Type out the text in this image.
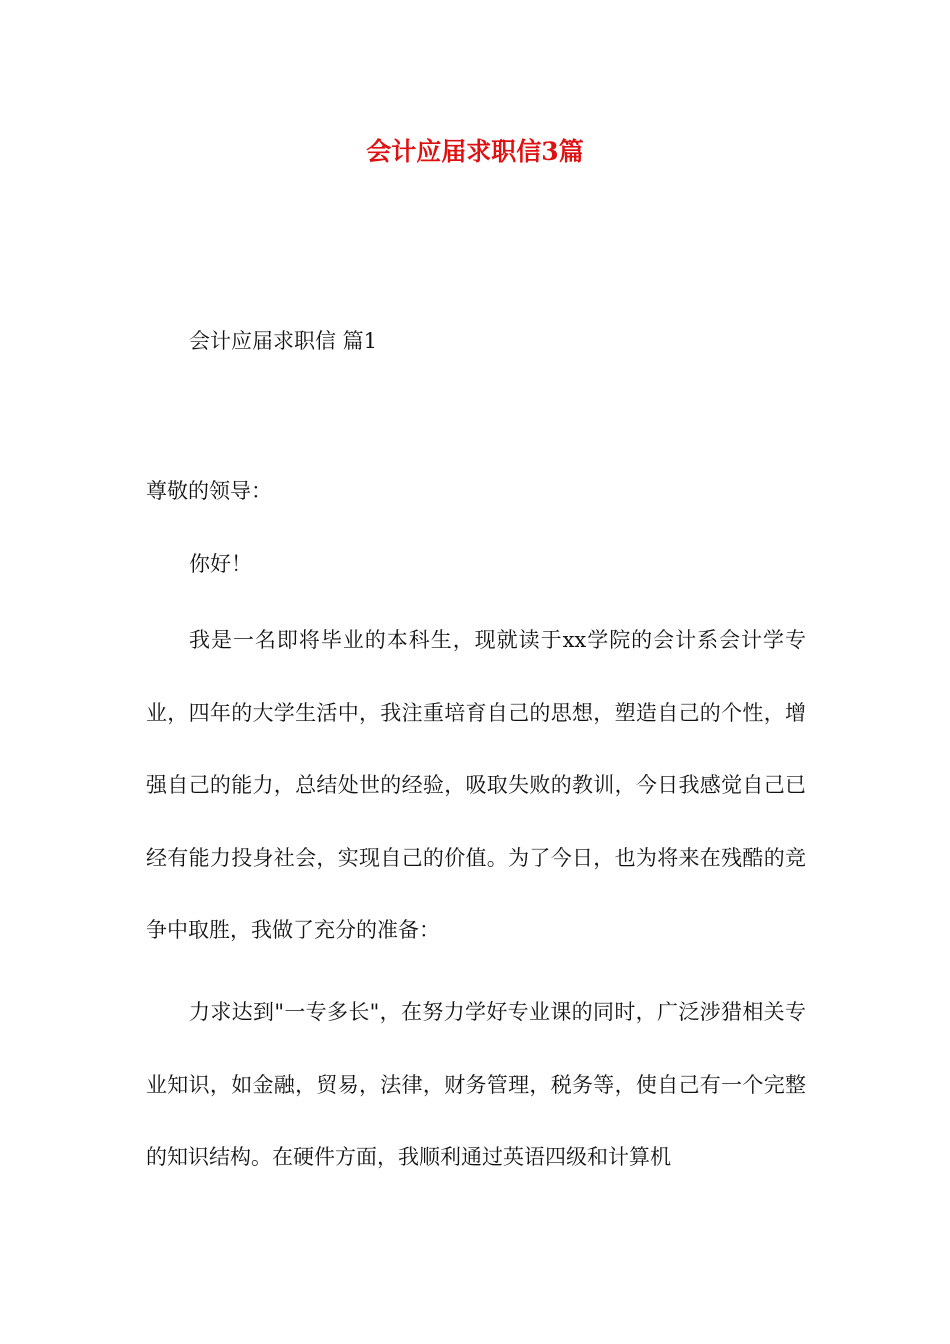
会计应届求职信3篇

会计应届求职信 篇1

尊敬的领导：

你好！

我是一名即将毕业的本科生，现就读于xx学院的会计系会计学专业，四年的大学生活中，我注重培育自己的思想，塑造自己的个性，增强自己的能力，总结处世的经验，吸取失败的教训，今日我感觉自己已经有能力投身社会，实现自己的价值。为了今日，也为将来在残酷的竞争中取胜，我做了充分的准备：

力求达到"一专多长"，在努力学好专业课的同时，广泛涉猎相关专业知识，如金融，贸易，法律，财务管理，税务等，使自己有一个完整的知识结构。在硬件方面，我顺利通过英语四级和计算机
